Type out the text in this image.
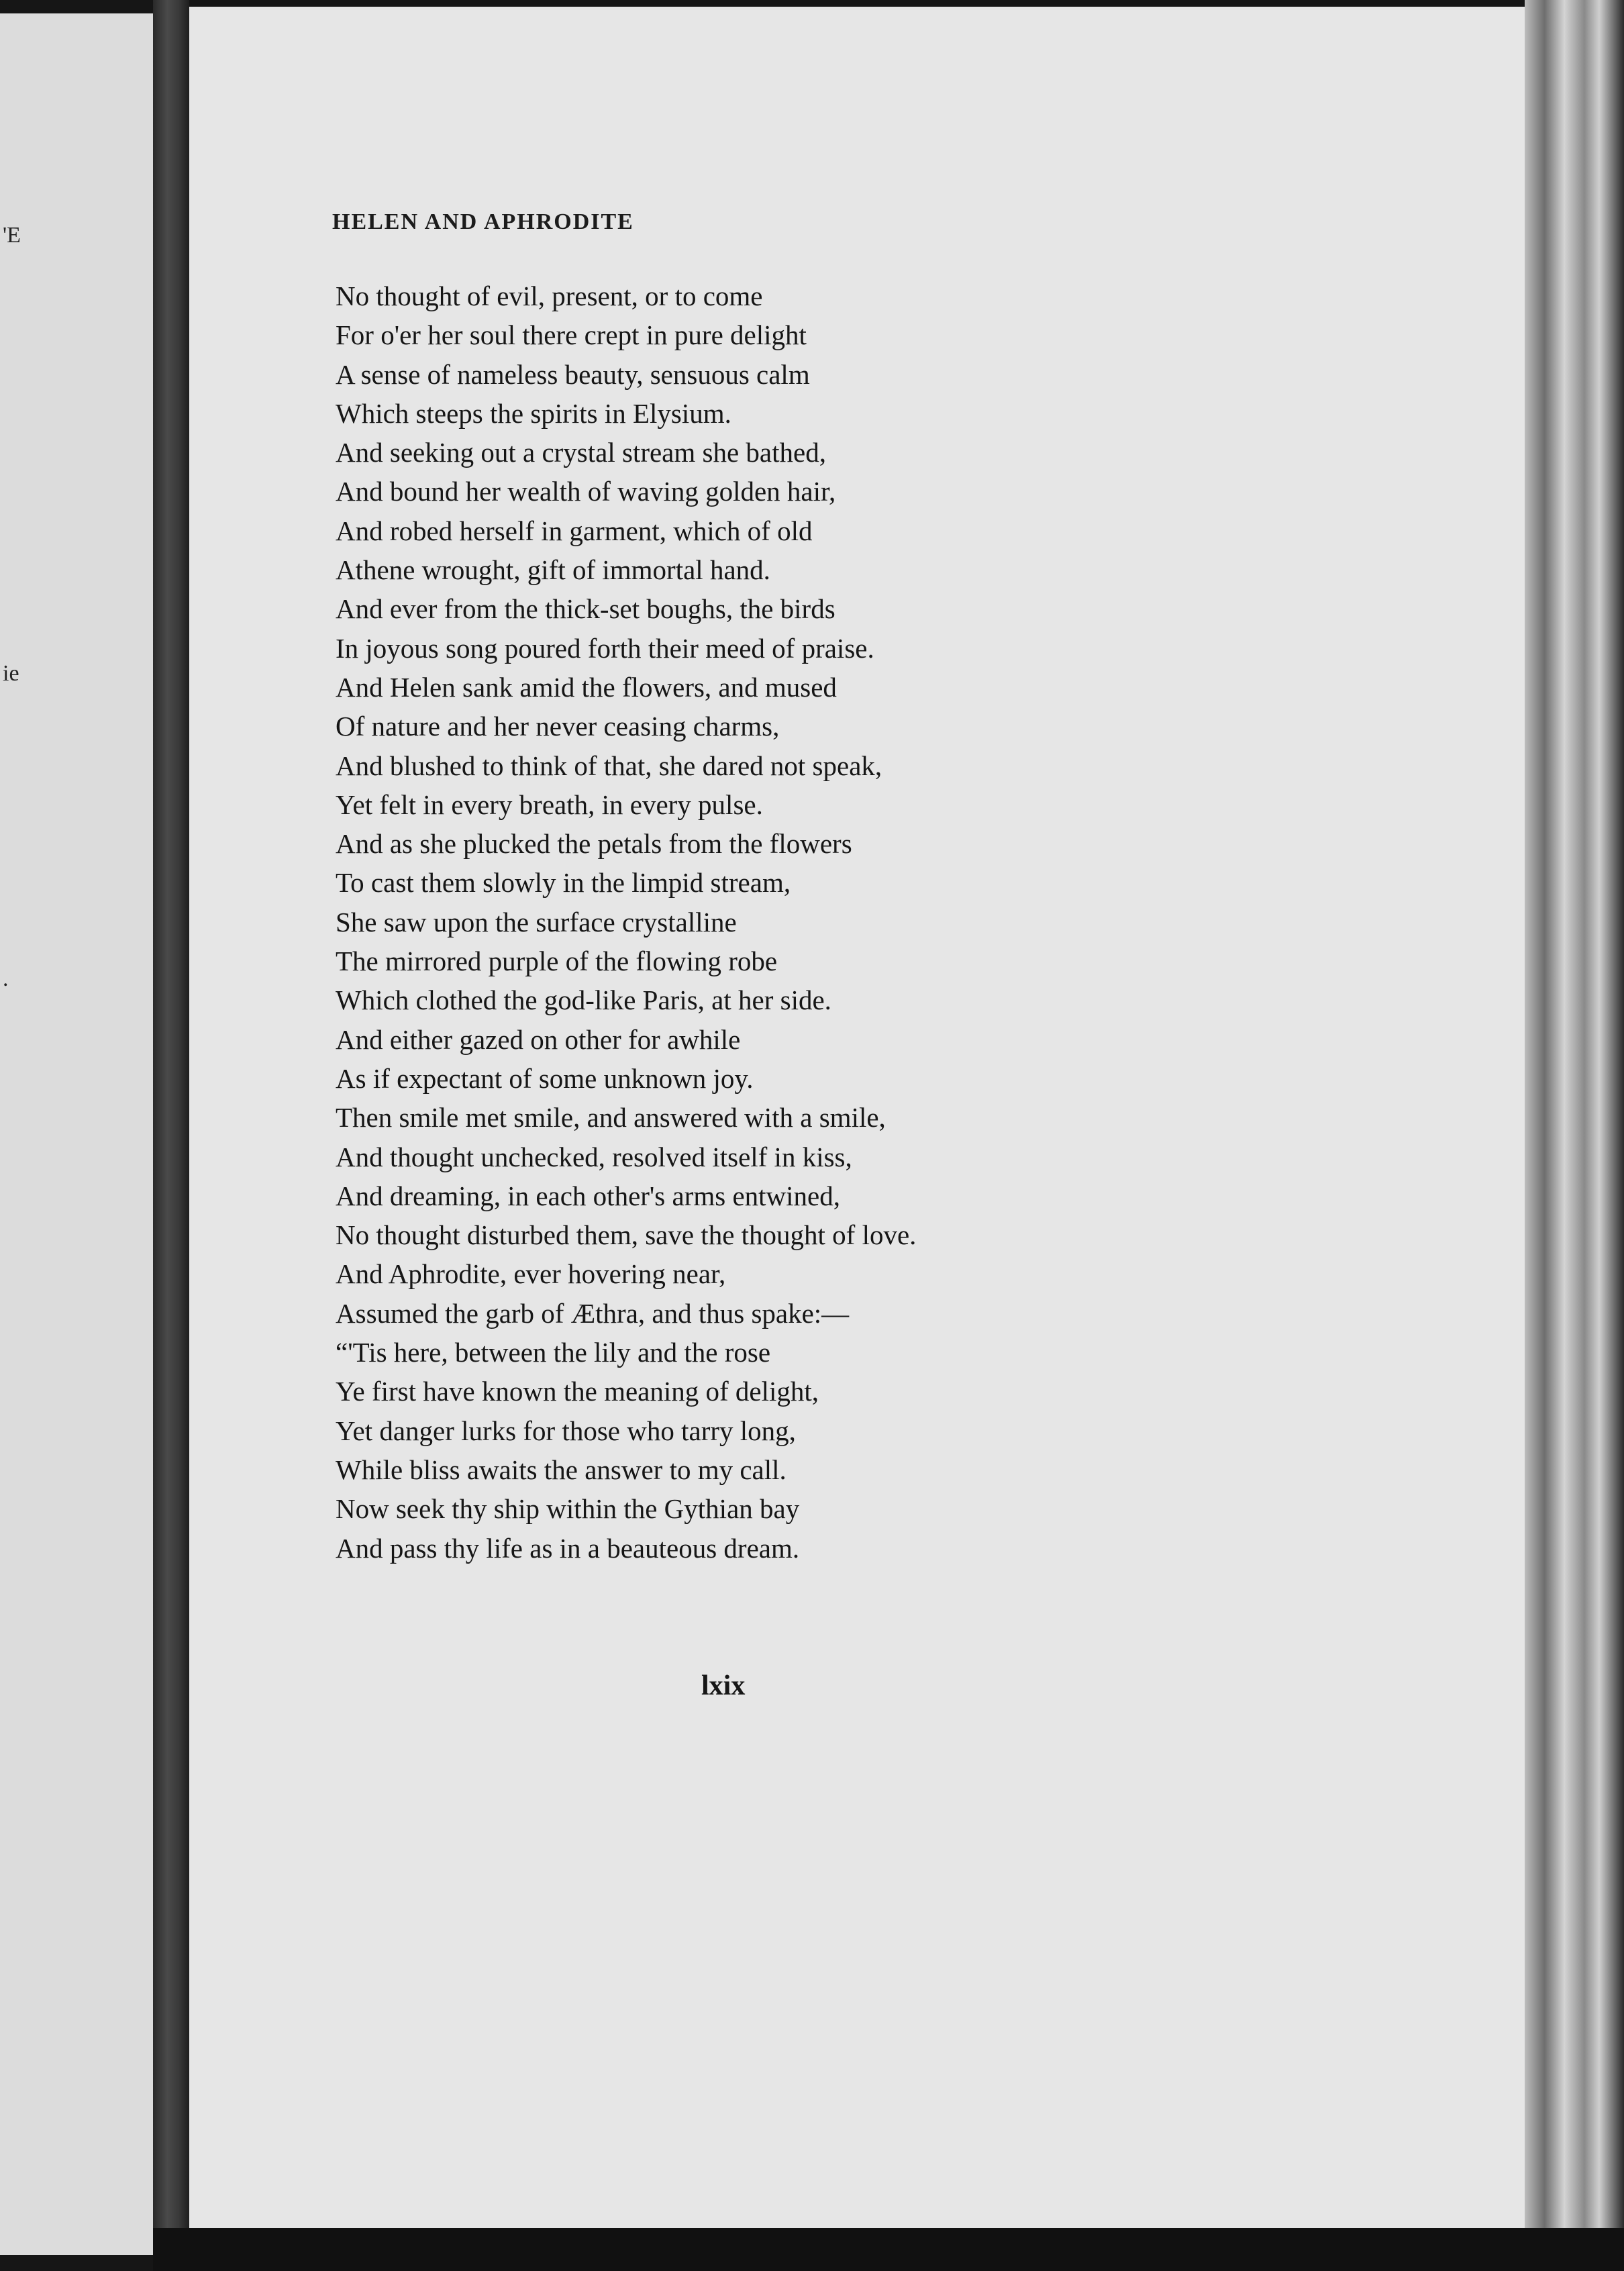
'E
ie
.
HELEN AND APHRODITE
No thought of evil, present, or to come
For o'er her soul there crept in pure delight
A sense of nameless beauty, sensuous calm
Which steeps the spirits in Elysium.
And seeking out a crystal stream she bathed,
And bound her wealth of waving golden hair,
And robed herself in garment, which of old
Athene wrought, gift of immortal hand.
And ever from the thick-set boughs, the birds
In joyous song poured forth their meed of praise.
And Helen sank amid the flowers, and mused
Of nature and her never ceasing charms,
And blushed to think of that, she dared not speak,
Yet felt in every breath, in every pulse.
And as she plucked the petals from the flowers
To cast them slowly in the limpid stream,
She saw upon the surface crystalline
The mirrored purple of the flowing robe
Which clothed the god-like Paris, at her side.
And either gazed on other for awhile
As if expectant of some unknown joy.
Then smile met smile, and answered with a smile,
And thought unchecked, resolved itself in kiss,
And dreaming, in each other's arms entwined,
No thought disturbed them, save the thought of love.
And Aphrodite, ever hovering near,
Assumed the garb of Æthra, and thus spake:—
“'Tis here, between the lily and the rose
Ye first have known the meaning of delight,
Yet danger lurks for those who tarry long,
While bliss awaits the answer to my call.
Now seek thy ship within the Gythian bay
And pass thy life as in a beauteous dream.
lxix
